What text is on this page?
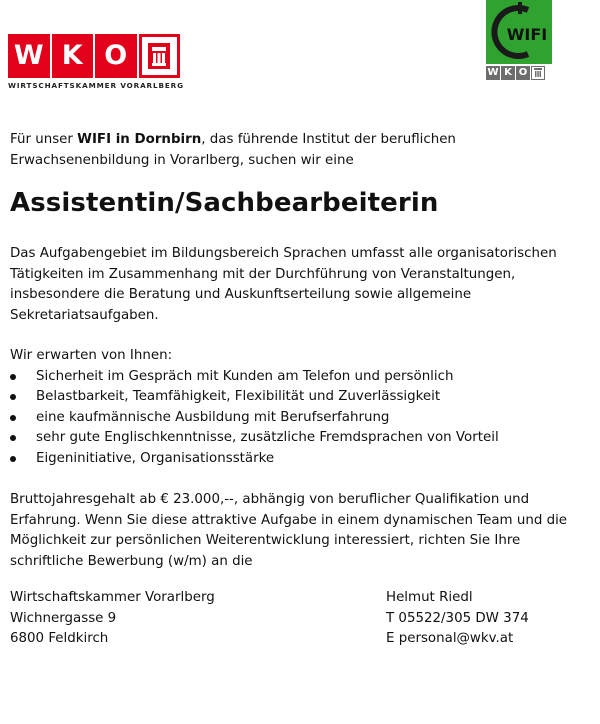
W K O
WIRTSCHAFTSKAMMER VORARLBERG
WIFI
W K O
Für unser WIFI in Dornbirn, das führende Institut der beruflichen Erwachsenenbildung in Vorarlberg, suchen wir eine
Assistentin/Sachbearbeiterin
Das Aufgabengebiet im Bildungsbereich Sprachen umfasst alle organisatorischen Tätigkeiten im Zusammenhang mit der Durchführung von Veranstaltungen, insbesondere die Beratung und Auskunftserteilung sowie allgemeine Sekretariatsaufgaben.
Wir erwarten von Ihnen:
Sicherheit im Gespräch mit Kunden am Telefon und persönlich
Belastbarkeit, Teamfähigkeit, Flexibilität und Zuverlässigkeit
eine kaufmännische Ausbildung mit Berufserfahrung
sehr gute Englischkenntnisse, zusätzliche Fremdsprachen von Vorteil
Eigeninitiative, Organisationsstärke
Bruttojahresgehalt ab € 23.000,--, abhängig von beruflicher Qualifikation und Erfahrung. Wenn Sie diese attraktive Aufgabe in einem dynamischen Team und die Möglichkeit zur persönlichen Weiterentwicklung interessiert, richten Sie Ihre schriftliche Bewerbung (w/m) an die
Wirtschaftskammer Vorarlberg
Wichnergasse 9
6800 Feldkirch
Helmut Riedl
T 05522/305 DW 374
E personal@wkv.at
